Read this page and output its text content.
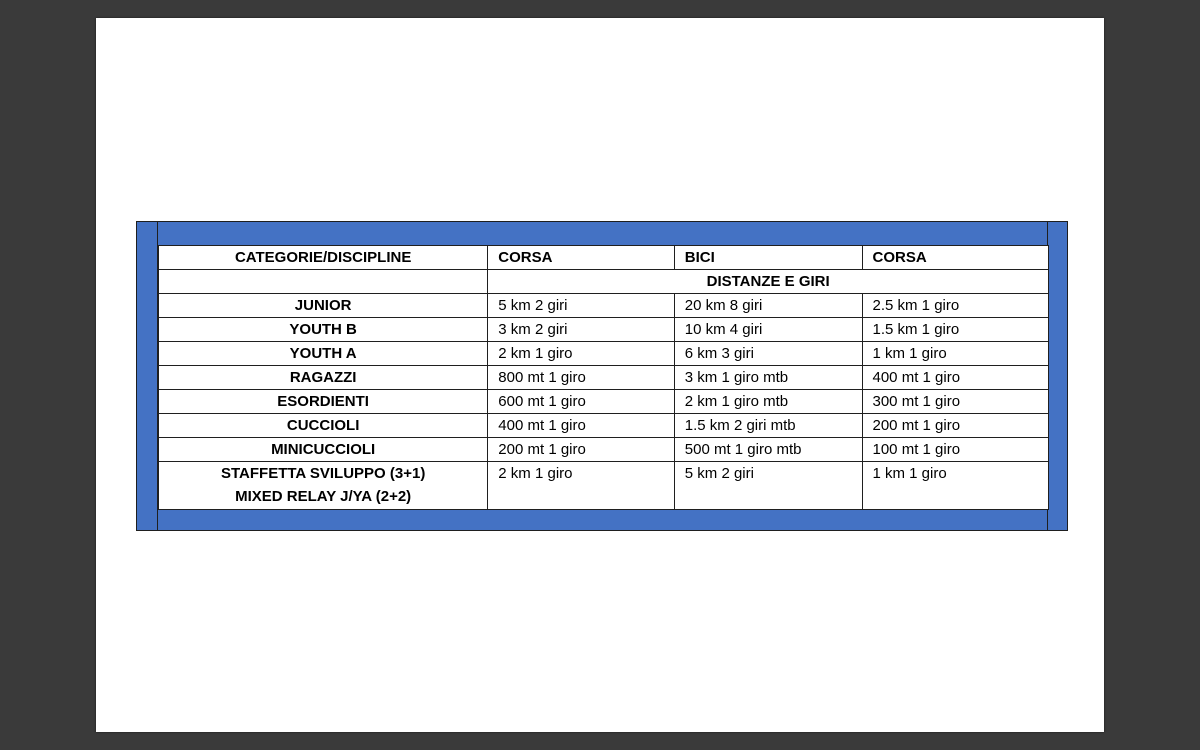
CATEGORIE/DISCIPLINE	CORSA	BICI	CORSA
	DISTANZE E GIRI		

JUNIOR	5 km 2 giri	20 km 8 giri	2.5 km 1 giro

YOUTH B	3 km 2 giri	10 km 4 giri	1.5 km 1 giro

YOUTH A	2 km 1 giro	6 km 3 giri	1 km 1 giro

RAGAZZI	800 mt 1 giro	3 km 1 giro mtb	400 mt 1 giro

ESORDIENTI	600 mt 1 giro	2 km 1 giro mtb	300 mt 1 giro

CUCCIOLI	400 mt 1 giro	1.5 km 2 giri mtb	200 mt 1 giro

MINICUCCIOLI	200 mt 1 giro	500 mt 1 giro mtb	100 mt 1 giro

STAFFETTA SVILUPPO (3+1)
MIXED RELAY J/YA (2+2)	2 km 1 giro	5 km 2 giri	1 km 1 giro
